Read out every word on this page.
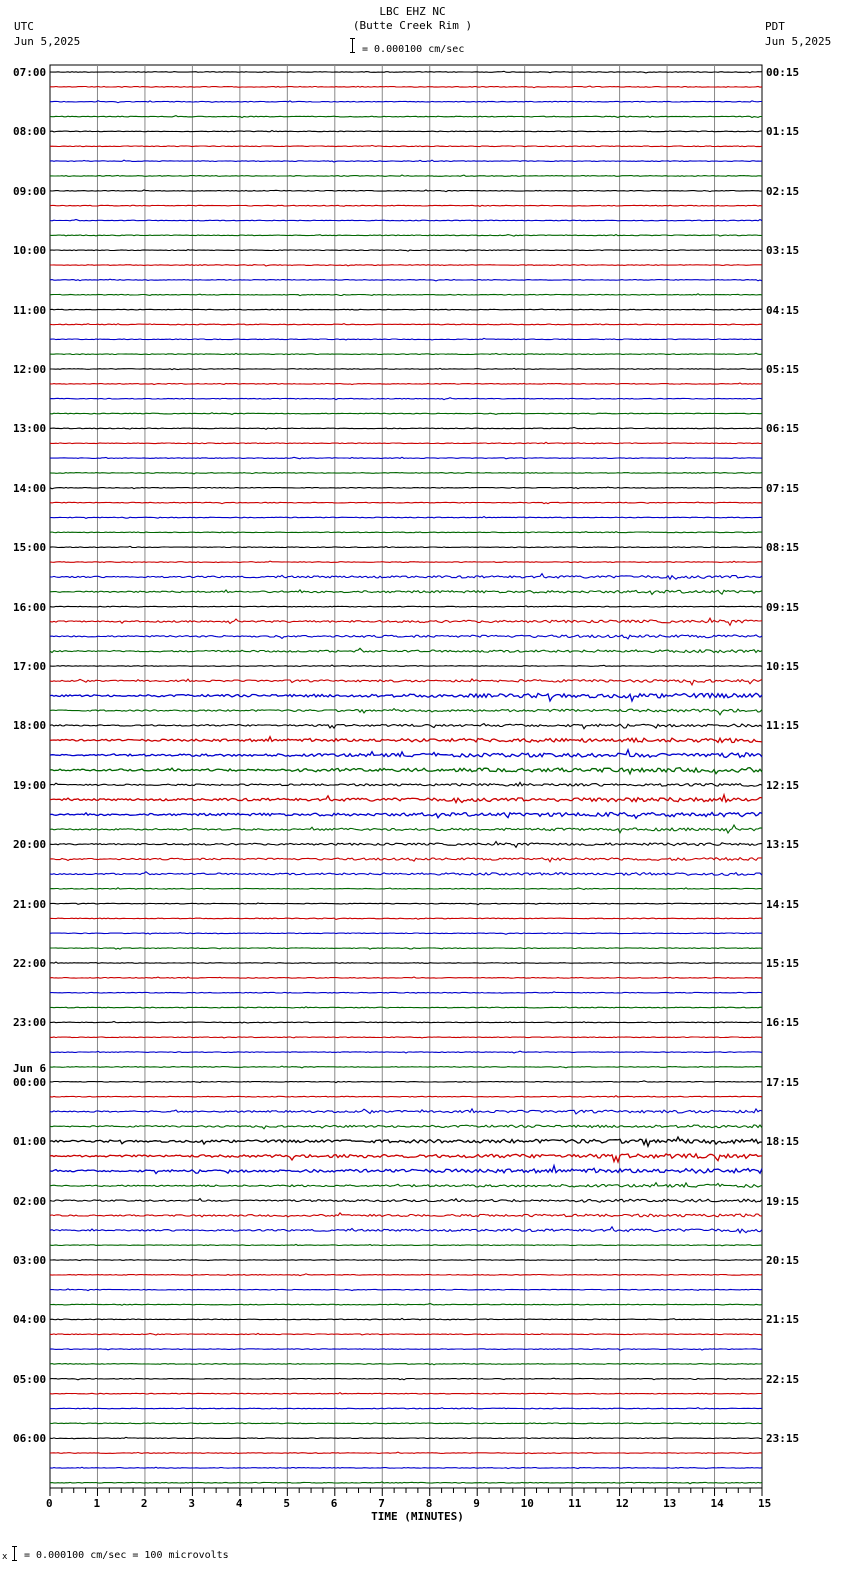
LBC EHZ NC
(Butte Creek Rim )
= 0.000100 cm/sec
UTC
Jun 5,2025
PDT
Jun 5,2025
07:00
08:00
09:00
10:00
11:00
12:00
13:00
14:00
15:00
16:00
17:00
18:00
19:00
20:00
21:00
22:00
23:00
00:00
01:00
02:00
03:00
04:00
05:00
06:00
Jun 6
00:15
01:15
02:15
03:15
04:15
05:15
06:15
07:15
08:15
09:15
10:15
11:15
12:15
13:15
14:15
15:15
16:15
17:15
18:15
19:15
20:15
21:15
22:15
23:15
0	1	2	3	4	5	6	7	8	9	10	11	12	13	14	15
TIME (MINUTES)
x = 0.000100 cm/sec = 100 microvolts
